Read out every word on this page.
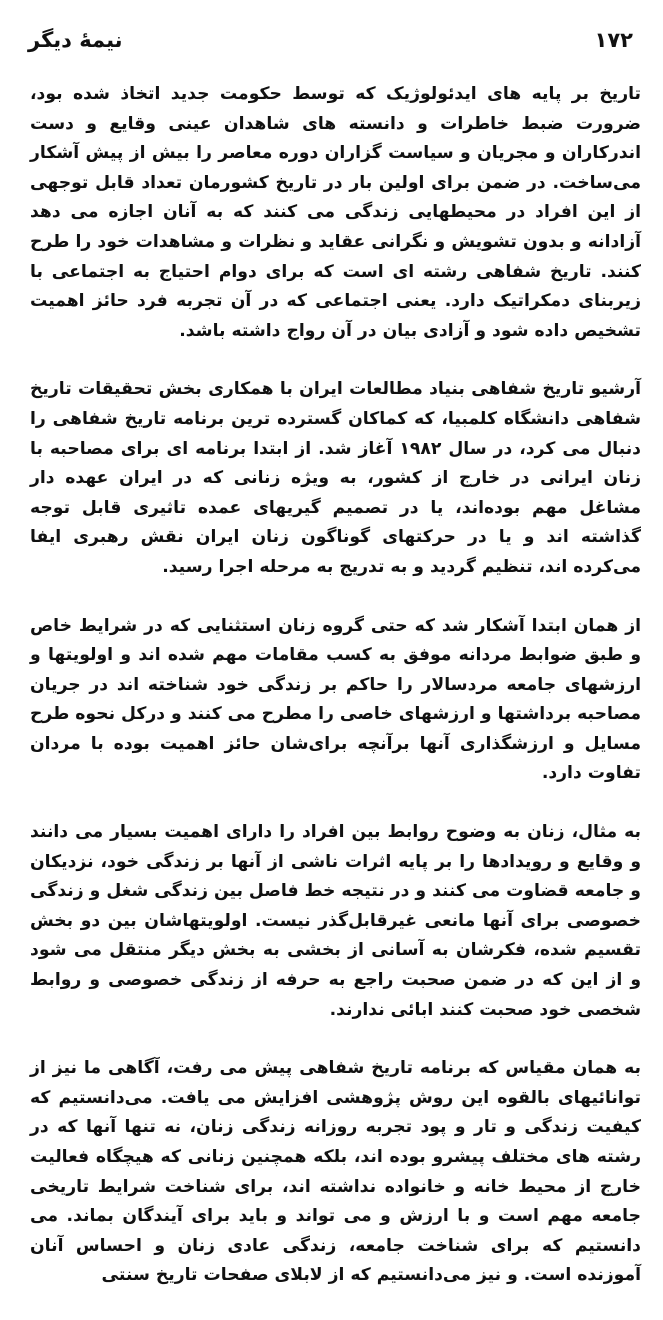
۱۷۲
نیمهٔ دیگر

تاریخ بر پایه های ایدئولوژیک که توسط حکومت جدید اتخاذ شده بود، ضرورت ضبط خاطرات و دانسته های شاهدان عینی وقایع و دست اندرکاران و مجریان و سیاست گزاران دوره معاصر را بیش از پیش آشکار می‌ساخت. در ضمن برای اولین بار در تاریخ کشورمان تعداد قابل توجهی از این افراد در محیطهایی زندگی می کنند که به آنان اجازه می دهد آزادانه و بدون تشویش و نگرانی عقاید و نظرات و مشاهدات خود را طرح کنند. تاریخ شفاهی رشته ای است که برای دوام احتیاج به اجتماعی با زیربنای دمکراتیک دارد. یعنی اجتماعی که در آن تجربه فرد حائز اهمیت تشخیص داده شود و آزادی بیان در آن رواج داشته باشد.

آرشیو تاریخ شفاهی بنیاد مطالعات ایران با همکاری بخش تحقیقات تاریخ شفاهی دانشگاه کلمبیا، که کماکان گسترده ترین برنامه تاریخ شفاهی را دنبال می کرد، در سال ۱۹۸۲ آغاز شد. از ابتدا برنامه ای برای مصاحبه با زنان ایرانی در خارج از کشور، به ویژه زنانی که در ایران عهده دار مشاغل مهم بوده‌اند، یا در تصمیم گیریهای عمده تاثیری قابل توجه گذاشته اند و یا در حرکتهای گوناگون زنان ایران نقش رهبری ایفا می‌کرده اند، تنظیم گردید و به تدریج به مرحله اجرا رسید.

از همان ابتدا آشکار شد که حتی گروه زنان استثنایی که در شرایط خاص و طبق ضوابط مردانه موفق به کسب مقامات مهم شده اند و اولویتها و ارزشهای جامعه مردسالار را حاکم بر زندگی خود شناخته اند در جریان مصاحبه برداشتها و ارزشهای خاصی را مطرح می کنند و درکل نحوه طرح مسایل و ارزشگذاری آنها برآنچه برای‌شان حائز اهمیت بوده با مردان تفاوت دارد.

به مثال، زنان به وضوح روابط بین افراد را دارای اهمیت بسیار می دانند و وقایع و رویدادها را بر پایه اثرات ناشی از آنها بر زندگی خود، نزدیکان و جامعه قضاوت می کنند و در نتیجه خط فاصل بین زندگی شغل و زندگی خصوصی برای آنها مانعی غیرقابل‌گذر نیست. اولویتهاشان بین دو بخش تقسیم شده، فکرشان به آسانی از بخشی به بخش دیگر منتقل می شود و از این که در ضمن صحبت راجع به حرفه از زندگی خصوصی و روابط شخصی خود صحبت کنند ابائی ندارند.

به همان مقیاس که برنامه تاریخ شفاهی پیش می رفت، آگاهی ما نیز از توانائیهای بالقوه این روش پژوهشی افزایش می یافت. می‌دانستیم که کیفیت زندگی و تار و پود تجربه روزانه زندگی زنان، نه تنها آنها که در رشته های مختلف پیشرو بوده اند، بلکه همچنین زنانی که هیچگاه فعالیت خارج از محیط خانه و خانواده نداشته اند، برای شناخت شرایط تاریخی جامعه مهم است و با ارزش و می تواند و باید برای آیندگان بماند. می دانستیم که برای شناخت جامعه، زندگی عادی زنان و احساس آنان آموزنده است. و نیز می‌دانستیم که از لابلای صفحات تاریخ سنتی
